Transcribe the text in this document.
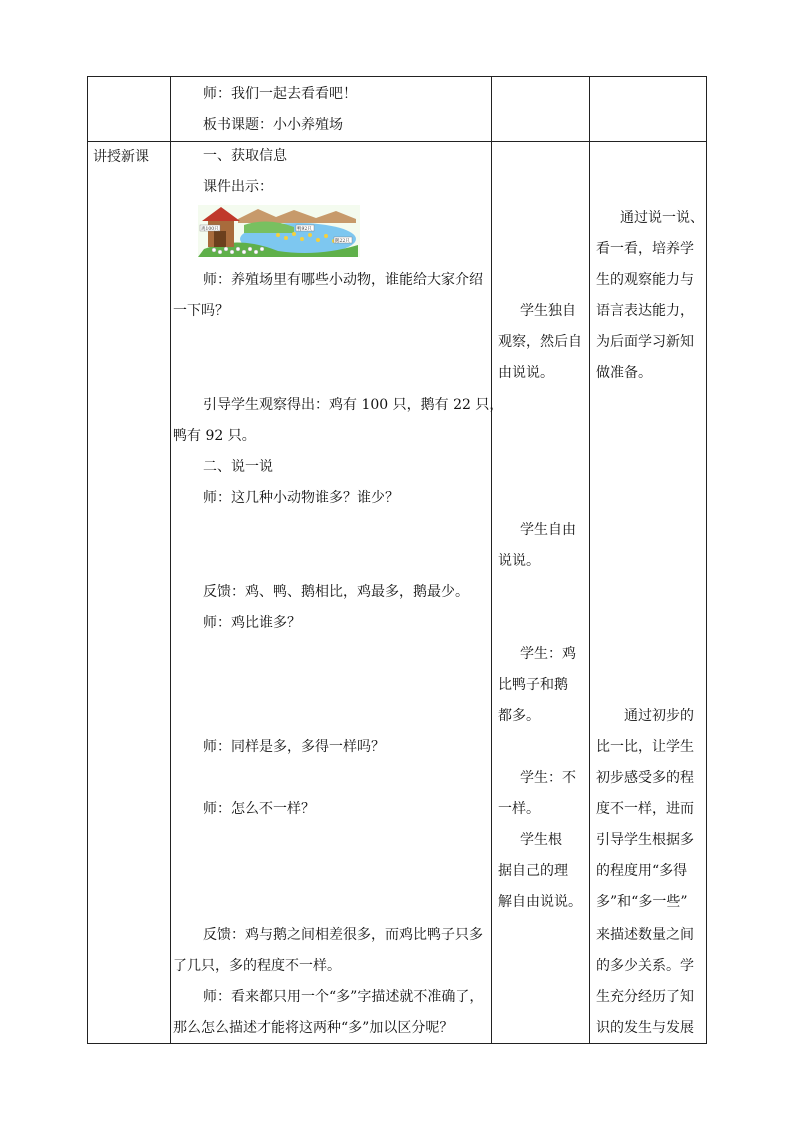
讲授新课
师：我们一起去看看吧！
板书课题：小小养殖场
一、获取信息
课件出示：
鸡100只	鸭92只
鹅22只
师：养殖场里有哪些小动物，谁能给大家介绍
一下吗？
引导学生观察得出：鸡有 100 只，鹅有 22 只，
鸭有 92 只。
二、说一说
师：这几种小动物谁多？谁少？
反馈：鸡、鸭、鹅相比，鸡最多，鹅最少。
师：鸡比谁多？
师：同样是多，多得一样吗？
师：怎么不一样？
反馈：鸡与鹅之间相差很多，而鸡比鸭子只多
了几只，多的程度不一样。
师：看来都只用一个“多”字描述就不准确了，
那么怎么描述才能将这两种“多”加以区分呢？
学生独自
观察，然后自
由说说。
学生自由
说说。
学生：鸡
比鸭子和鹅
都多。
学生：不
一样。
学生根
据自己的理
解自由说说。
通过说一说、
看一看，培养学
生的观察能力与
语言表达能力，
为后面学习新知
做准备。
通过初步的
比一比，让学生
初步感受多的程
度不一样，进而
引导学生根据多
的程度用“多得
多”和“多一些”
来描述数量之间
的多少关系。学
生充分经历了知
识的发生与发展
